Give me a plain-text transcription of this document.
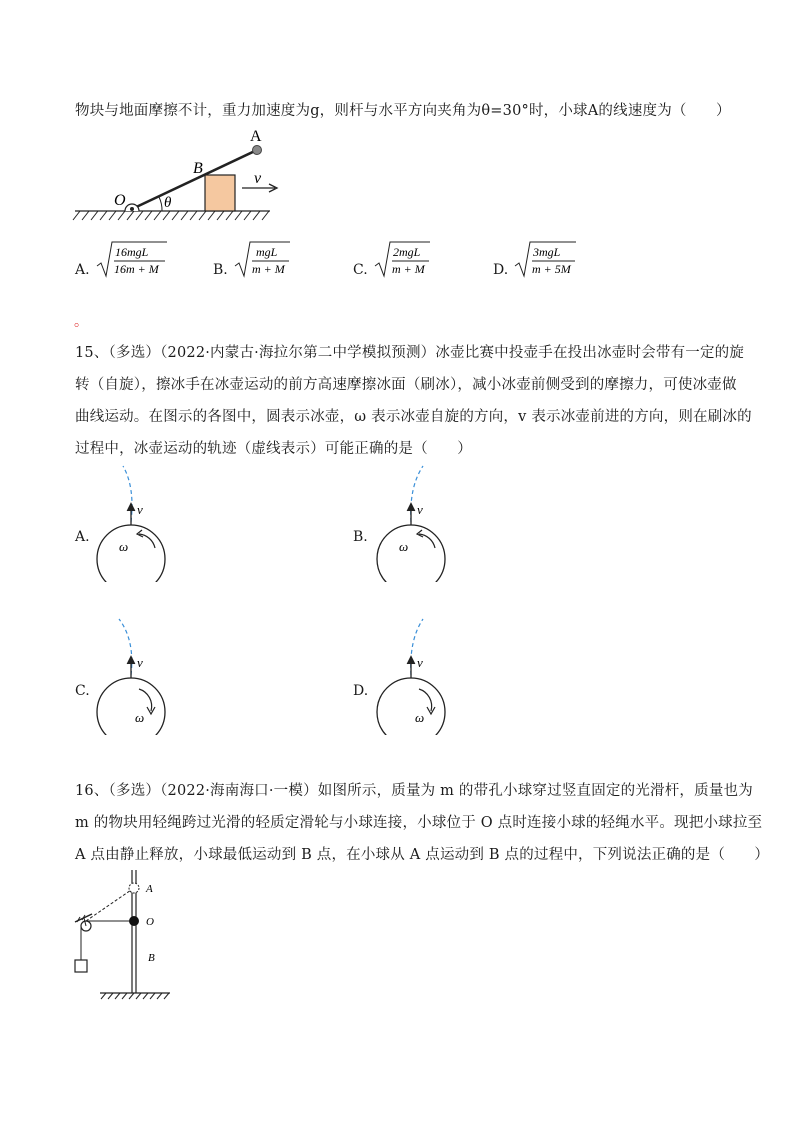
物块与地面摩擦不计，重力加速度为g，则杆与水平方向夹角为θ=30°时，小球A的线速度为（　　）
A
B
O	θ
v
A.
16mgL
16m + M	B.
mgL
m + M	C.
2mgL
m + M	D.
3mgL
m + 5M
。
15、（多选）（2022·内蒙古·海拉尔第二中学模拟预测）冰壶比赛中投壶手在投出冰壶时会带有一定的旋
转（自旋），擦冰手在冰壶运动的前方高速摩擦冰面（刷冰），减小冰壶前侧受到的摩擦力，可使冰壶做
曲线运动。在图示的各图中，圆表示冰壶，ω 表示冰壶自旋的方向，v 表示冰壶前进的方向，则在刷冰的
过程中，冰壶运动的轨迹（虚线表示）可能正确的是（　　）
A.
v
ω
B.
v
ω
C.
v
ω
D.
v
ω
16、（多选）（2022·海南海口·一模）如图所示，质量为 m 的带孔小球穿过竖直固定的光滑杆，质量也为
m 的物块用轻绳跨过光滑的轻质定滑轮与小球连接，小球位于 O 点时连接小球的轻绳水平。现把小球拉至
A 点由静止释放，小球最低运动到 B 点，在小球从 A 点运动到 B 点的过程中，下列说法正确的是（　　）
A
O
B
